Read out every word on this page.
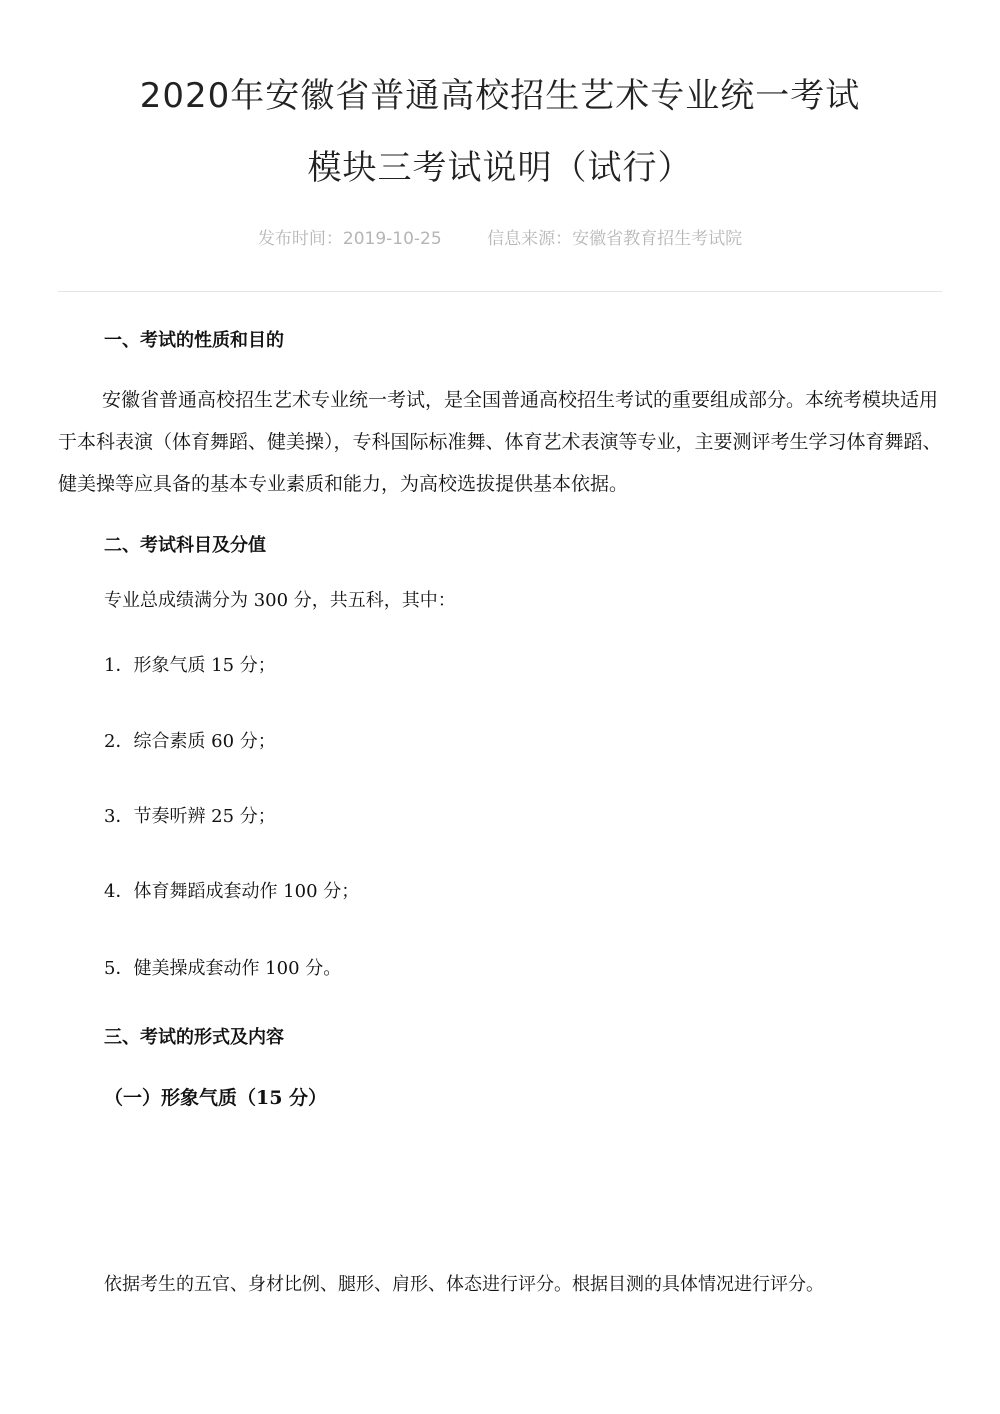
2020年安徽省普通高校招生艺术专业统一考试
模块三考试说明（试行）
发布时间：2019-10-25	信息来源：安徽省教育招生考试院
一、考试的性质和目的
安徽省普通高校招生艺术专业统一考试，是全国普通高校招生考试的重要组成部分。本统考模块适用于本科表演（体育舞蹈、健美操），专科国际标准舞、体育艺术表演等专业，主要测评考生学习体育舞蹈、健美操等应具备的基本专业素质和能力，为高校选拔提供基本依据。
二、考试科目及分值
专业总成绩满分为 300 分，共五科，其中：
1．形象气质 15 分；
2．综合素质 60 分；
3．节奏听辨 25 分；
4．体育舞蹈成套动作 100 分；
5．健美操成套动作 100 分。
三、考试的形式及内容
（一）形象气质（15 分）
依据考生的五官、身材比例、腿形、肩形、体态进行评分。根据目测的具体情况进行评分。
